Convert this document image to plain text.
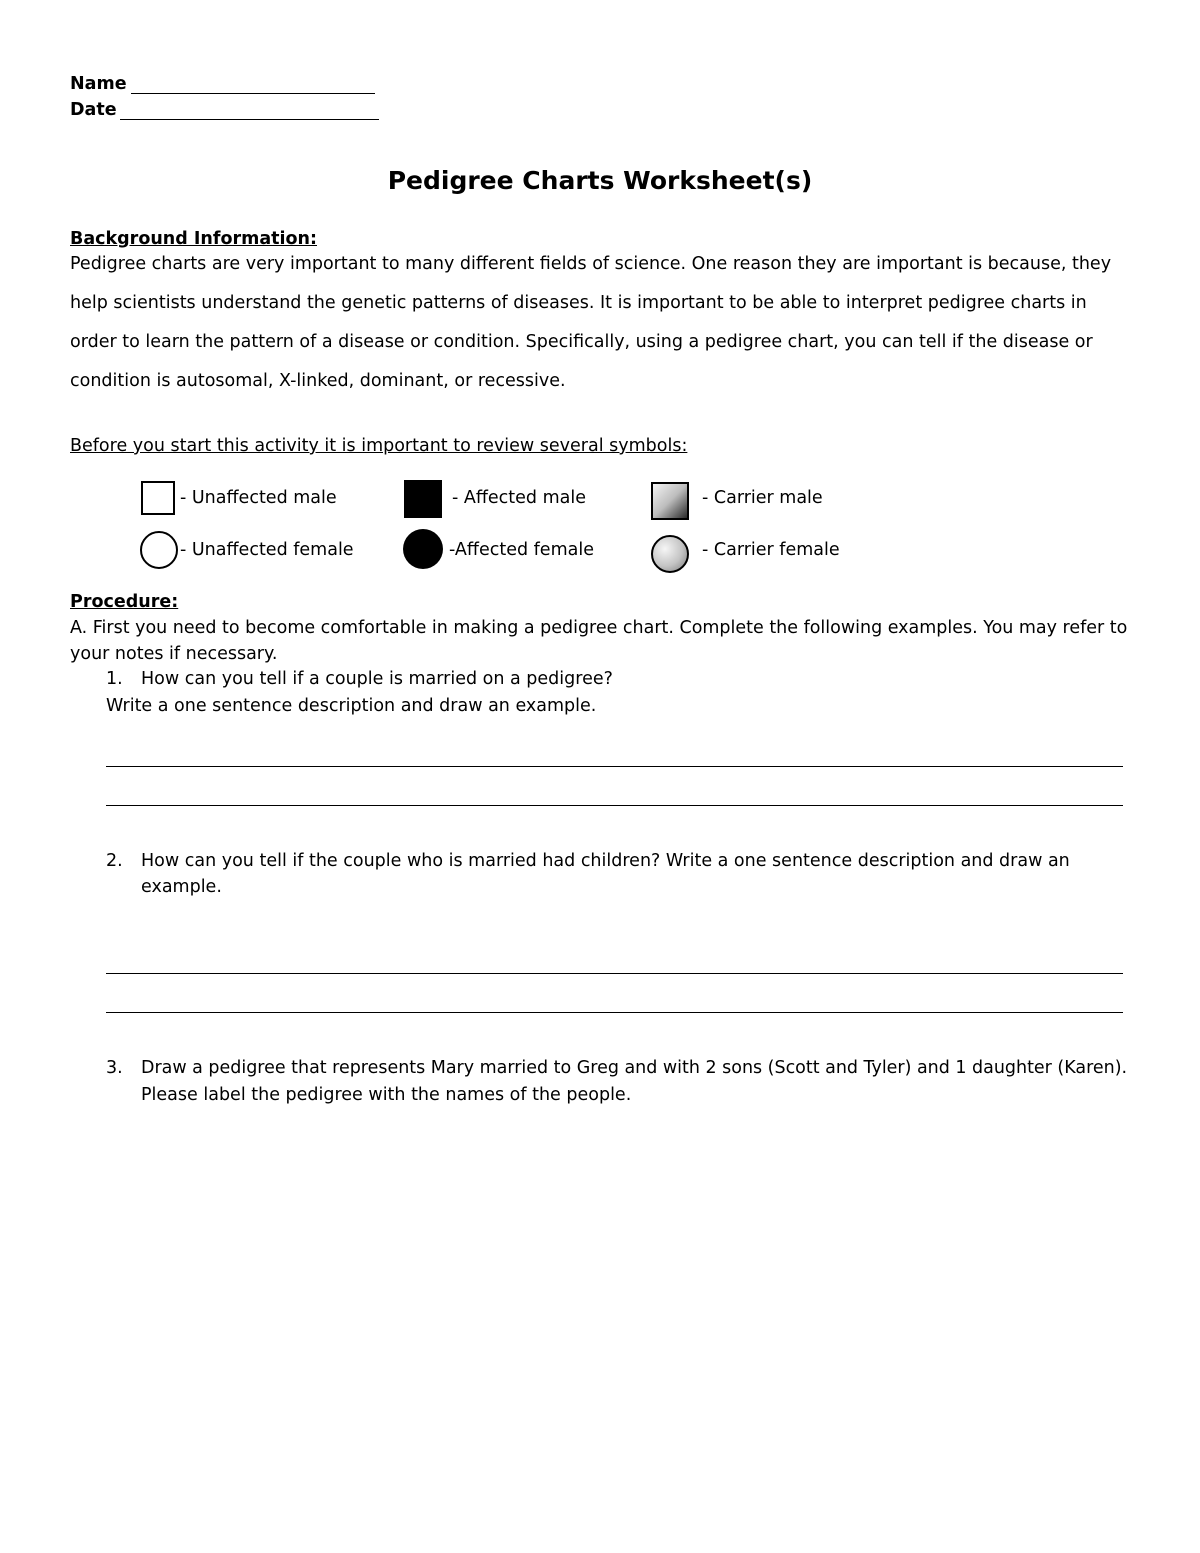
Name
Date
Pedigree Charts Worksheet(s)
Background Information:
Pedigree charts are very important to many different fields of science. One reason they are important is because, they
help scientists understand the genetic patterns of diseases. It is important to be able to interpret pedigree charts in
order to learn the pattern of a disease or condition. Specifically, using a pedigree chart, you can tell if the disease or
condition is autosomal, X-linked, dominant, or recessive.
Before you start this activity it is important to review several symbols:
- Unaffected male	- Affected male	- Carrier male
- Unaffected female	-Affected female	- Carrier female
Procedure:
A. First you need to become comfortable in making a pedigree chart. Complete the following examples. You may refer to
your notes if necessary.
1. How can you tell if a couple is married on a pedigree?
Write a one sentence description and draw an example.
2. How can you tell if the couple who is married had children? Write a one sentence description and draw an
example.
3. Draw a pedigree that represents Mary married to Greg and with 2 sons (Scott and Tyler) and 1 daughter (Karen).
Please label the pedigree with the names of the people.
